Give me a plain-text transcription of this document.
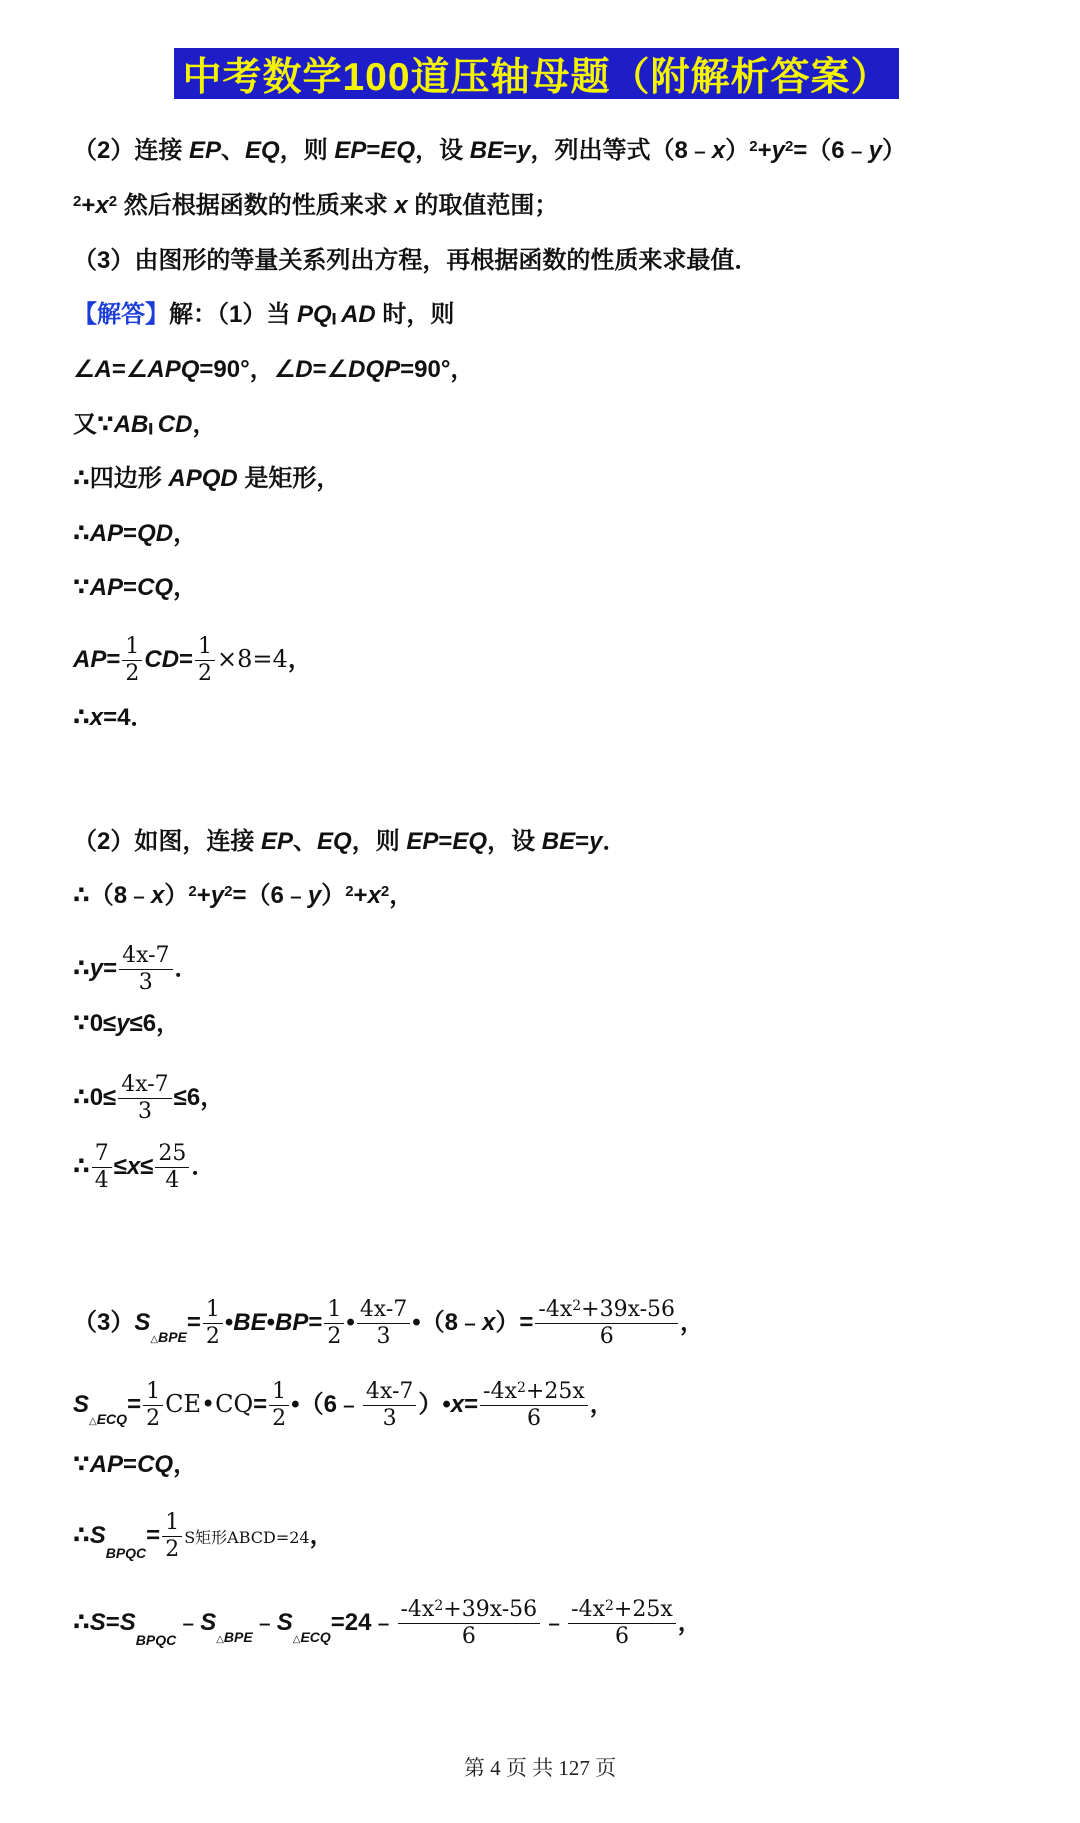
中考数学100道压轴母题（附解析答案）
（2）连接 EP、EQ，则 EP=EQ，设 BE=y，列出等式$(8﹣x)^2+y^2=(6﹣y)$
$^2+x^2$ 然后根据函数的性质来求 x 的取值范围；
（3）由图形的等量关系列出方程，再根据函数的性质来求最值．
【解答】解：（1）当 PQ|| AD 时，则
∠A=∠APQ=90°，∠D=∠DQP=90°，
又∵AB|| CD，
∴四边形 APQD 是矩形，
∴AP=QD，
∵AP=CQ，
$AP= \frac{1}{2} CD= \frac{1}{2} \times 8=4$，
∴x=4．
（2）如图，连接 EP、EQ，则 EP=EQ，设 BE=y．
$\therefore(8﹣x)^2+y^2=(6﹣y)^2+x^2$，
∴y= $\frac{4x-7}{3}$ ．
∵0≤y≤6，
∴0≤ $\frac{4x-7}{3} \le 6$，
∴ $\frac{7}{4} \le x\le \frac{25}{4}$ ．
$(3)S_{\triangle BPE}= \frac{1}{2}$ •BE•BP= $\frac{1}{2}$ • $\frac{4x-7}{3}$ •（8﹣x）= $\frac{-4x^2+39x-56}{6}$ ，
$S_{\triangle ECQ}= \frac{1}{2}$ CE•CQ= $\frac{1}{2}$ •（6﹣ $\frac{4x-7}{3}$ ）•x= $\frac{-4x^2+25x}{6}$ ，
∵AP=CQ，
$\therefore S_{BPQC}= \frac{1}{2}$ S矩形ABCD=24，
$\therefore S=S_{BPQC}﹣S_{\triangle BPE}﹣S_{\triangle ECQ}=24﹣ \frac{-4x^2+39x-56}{6}$ ﹣ $\frac{-4x^2+25x}{6}$ ，
第 4 页 共 127 页
